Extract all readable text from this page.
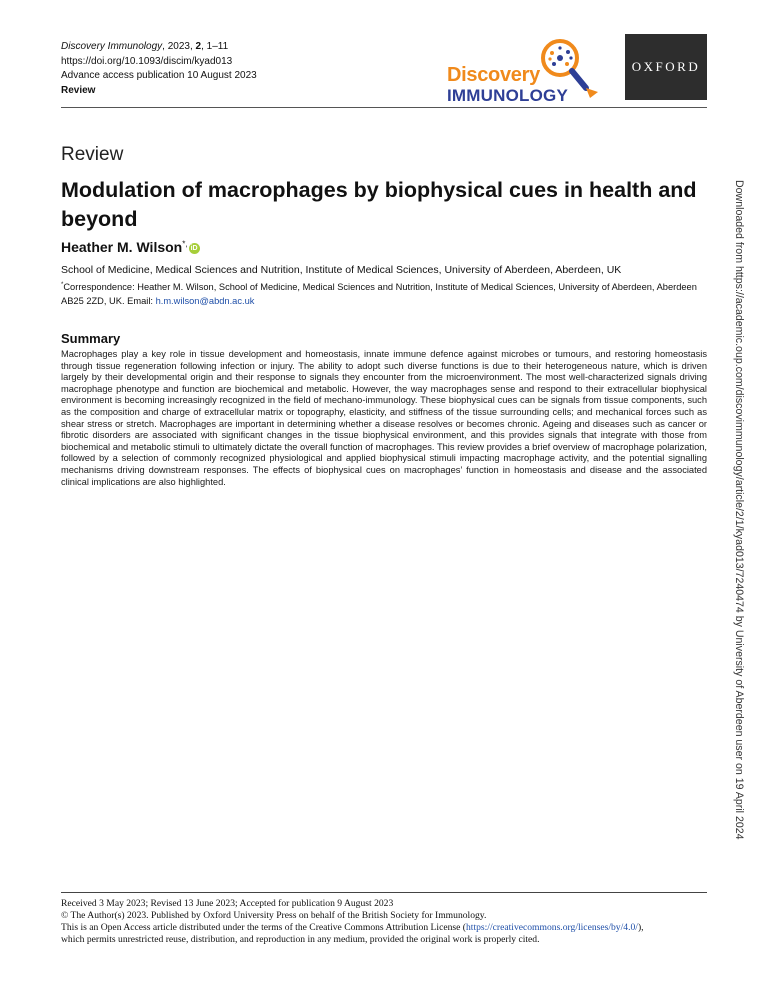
Discovery Immunology, 2023, 2, 1–11
https://doi.org/10.1093/discim/kyad013
Advance access publication 10 August 2023
Review
Discovery
IMMUNOLOGY
OXFORD
Review
Modulation of macrophages by biophysical cues in health and beyond
Heather M. Wilson*,iD
School of Medicine, Medical Sciences and Nutrition, Institute of Medical Sciences, University of Aberdeen, Aberdeen, UK
*Correspondence: Heather M. Wilson, School of Medicine, Medical Sciences and Nutrition, Institute of Medical Sciences, University of Aberdeen, Aberdeen AB25 2ZD, UK. Email: h.m.wilson@abdn.ac.uk
Summary
Macrophages play a key role in tissue development and homeostasis, innate immune defence against microbes or tumours, and restoring homeostasis through tissue regeneration following infection or injury. The ability to adopt such diverse functions is due to their heterogeneous nature, which is driven largely by their developmental origin and their response to signals they encounter from the microenvironment. The most well-characterized signals driving macrophage phenotype and function are biochemical and metabolic. However, the way macrophages sense and respond to their extracellular biophysical environment is becoming increasingly recognized in the field of mechano-immunology. These biophysical cues can be signals from tissue components, such as the composition and charge of extracellular matrix or topography, elasticity, and stiffness of the tissue surrounding cells; and mechanical forces such as shear stress or stretch. Macrophages are important in determining whether a disease resolves or becomes chronic. Ageing and diseases such as cancer or fibrotic disorders are associated with significant changes in the tissue biophysical environment, and this provides signals that integrate with those from biochemical and metabolic stimuli to ultimately dictate the overall function of macrophages. This review provides a brief overview of macrophage polarization, followed by a selection of commonly recognized physiological and applied biophysical stimuli impacting macrophage activity, and the potential signalling mechanisms driving downstream responses. The effects of biophysical cues on macrophages’ function in homeostasis and disease and the associated clinical implications are also highlighted.	Downloaded from https://academic.oup.com/discovimmunology/article/2/1/kyad013/7240474 by University of Aberdeen user on 19 April 2024
Received 3 May 2023; Revised 13 June 2023; Accepted for publication 9 August 2023
© The Author(s) 2023. Published by Oxford University Press on behalf of the British Society for Immunology.
This is an Open Access article distributed under the terms of the Creative Commons Attribution License (https://creativecommons.org/licenses/by/4.0/),
which permits unrestricted reuse, distribution, and reproduction in any medium, provided the original work is properly cited.
